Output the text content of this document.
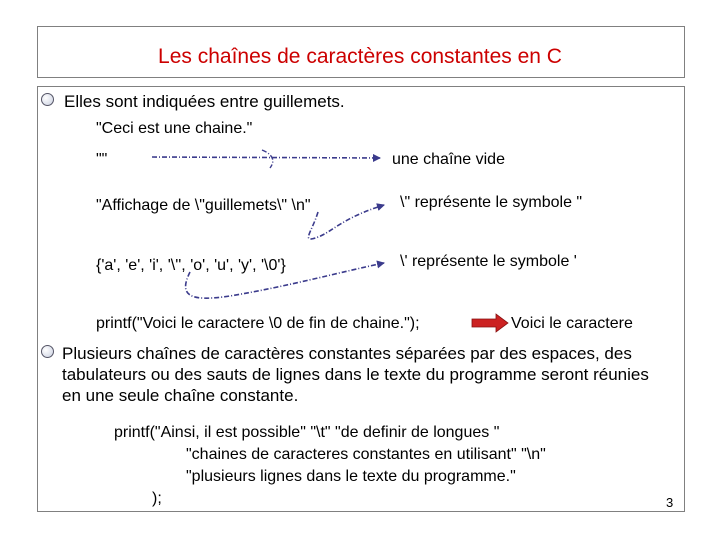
Les chaînes de caractères constantes en C
Elles sont indiquées entre guillemets.
"Ceci est une chaine."
""	une chaîne vide
"Affichage de \"guillemets\" \n"	\" représente le symbole "
{'a', 'e', 'i', '\'', 'o', 'u', 'y', '\0'}	\' représente le symbole '
printf("Voici le caractere \0 de fin de chaine.");	Voici le caractere
Plusieurs chaînes de caractères constantes séparées par des espaces, des
tabulateurs ou des sauts de lignes dans le texte du programme seront réunies
en une seule chaîne constante.
printf("Ainsi, il est possible" "\t" "de definir de longues "
"chaines de caracteres constantes en utilisant" "\n"
"plusieurs lignes dans le texte du programme."
);	3
